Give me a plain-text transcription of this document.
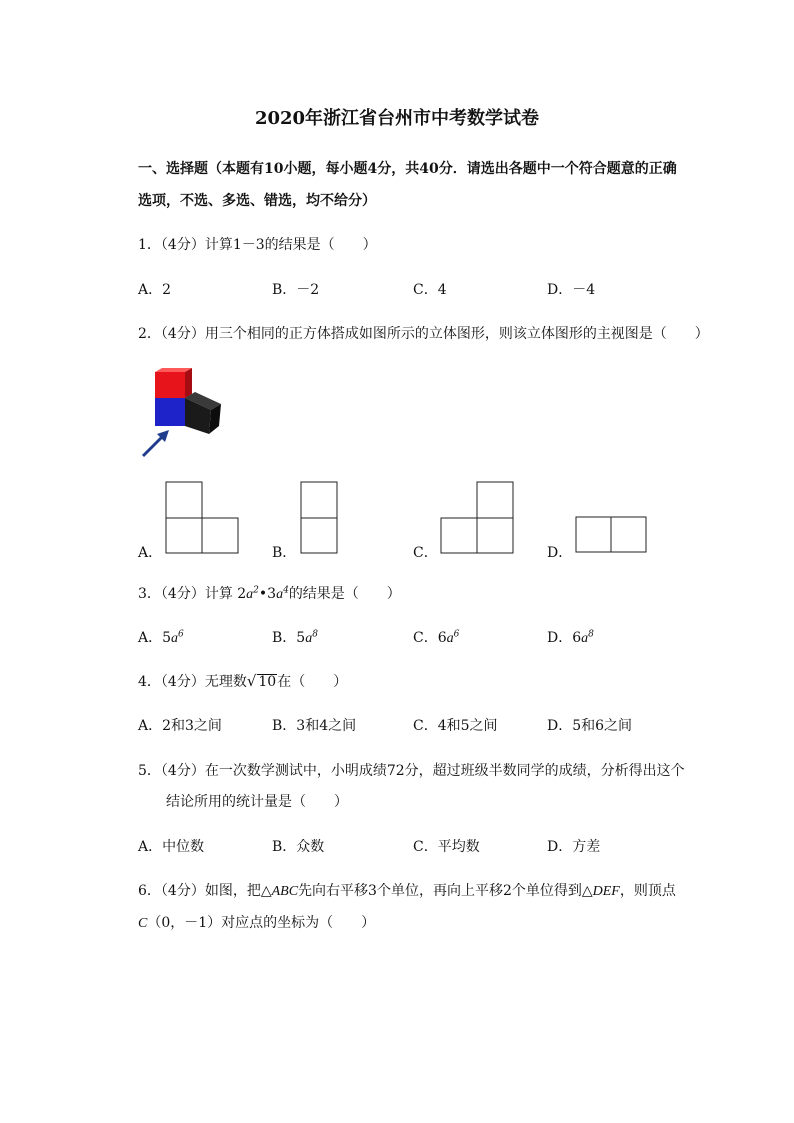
2020年浙江省台州市中考数学试卷
一、选择题（本题有10小题，每小题4分，共40分．请选出各题中一个符合题意的正确
选项，不选、多选、错选，均不给分）
1．（4分）计算1－3的结果是（　　）
A．2	B．－2	C．4	D．－4
2．（4分）用三个相同的正方体搭成如图所示的立体图形，则该立体图形的主视图是（　　）
A．	B．	C．	D．
3．（4分）计算 $2a^2•3a^4$的结果是（　　）
A．$5a^6$	B．$5a^8$	C．$6a^6$	D．$6a^8$
4．（4分）无理数√ 10在（　　）
A．2和3之间	B．3和4之间	C．4和5之间	D．5和6之间
5．（4分）在一次数学测试中，小明成绩72分，超过班级半数同学的成绩，分析得出这个
结论所用的统计量是（　　）
A．中位数	B．众数	C．平均数	D．方差
6．（4分）如图，把△ABC先向右平移3个单位，再向上平移2个单位得到△DEF，则顶点
C（0，－1）对应点的坐标为（　　）
